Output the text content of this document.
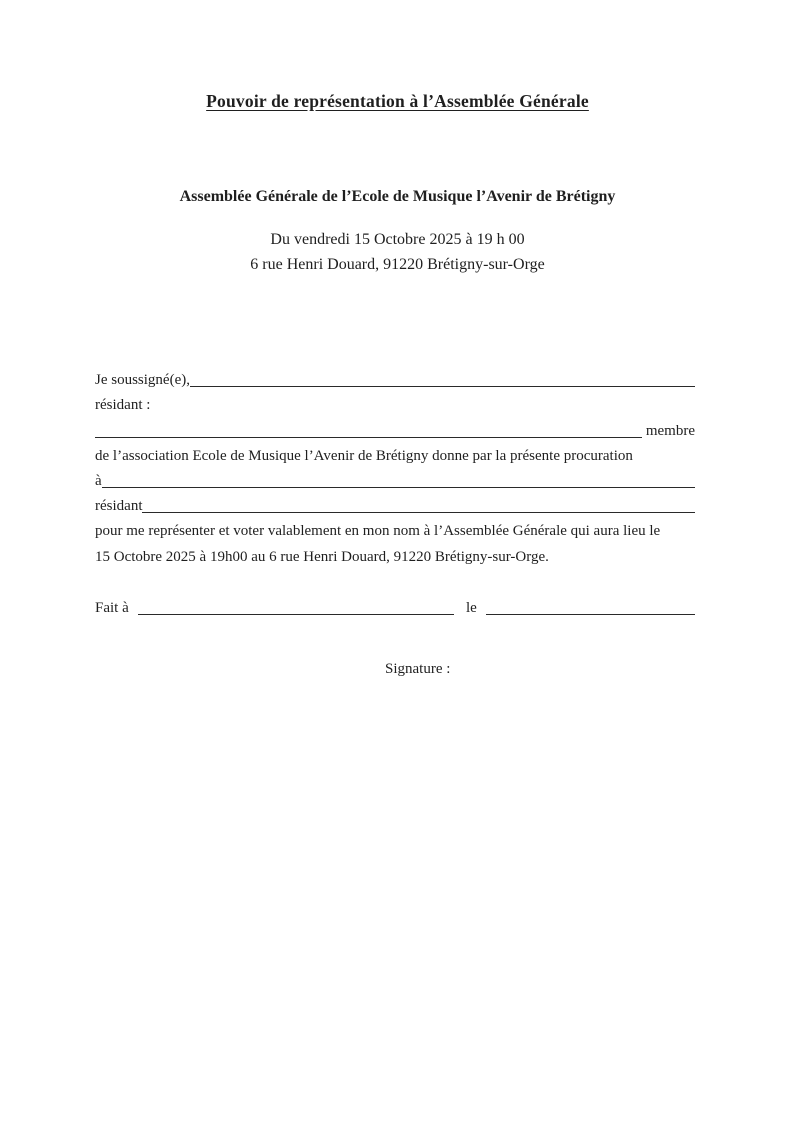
Pouvoir de représentation à l’Assemblée Générale
Assemblée Générale de l’Ecole de Musique l’Avenir de Brétigny
Du vendredi 15 Octobre 2025 à 19 h 00
6 rue Henri Douard, 91220 Brétigny-sur-Orge
Je soussigné(e),
résidant :
membre
de l’association Ecole de Musique l’Avenir de Brétigny donne par la présente procuration
à
résidant
pour me représenter et voter valablement en mon nom à l’Assemblée Générale qui aura lieu le
15 Octobre 2025 à 19h00 au 6 rue Henri Douard, 91220 Brétigny-sur-Orge.
Fait à	le
Signature :
